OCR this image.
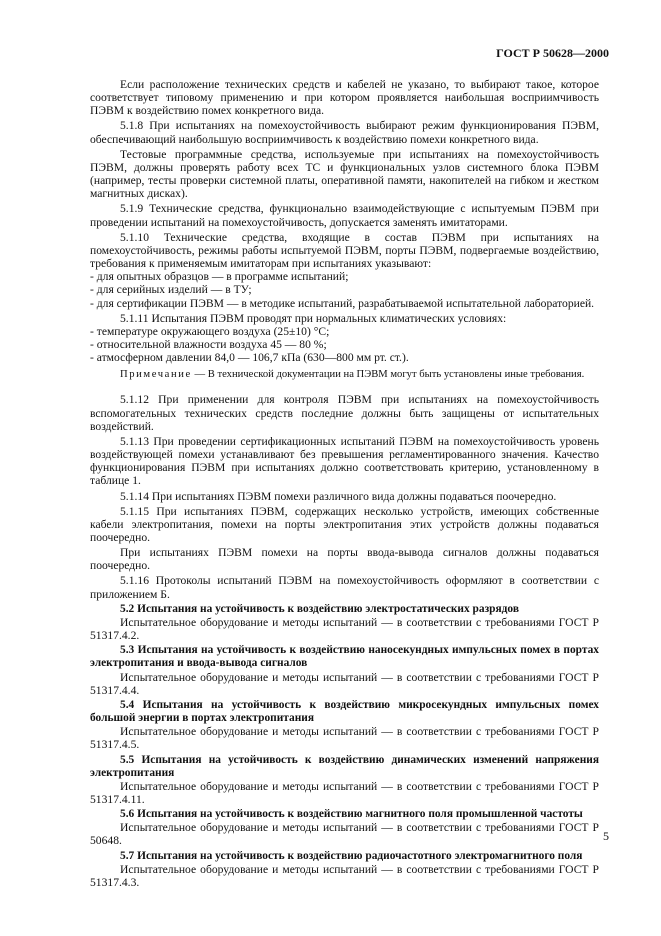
ГОСТ Р 50628—2000

Если расположение технических средств и кабелей не указано, то выбирают такое, которое соответствует типовому применению и при котором проявляется наибольшая восприимчивость ПЭВМ к воздействию помех конкретного вида.

5.1.8 При испытаниях на помехоустойчивость выбирают режим функционирования ПЭВМ, обеспечивающий наибольшую восприимчивость к воздействию помехи конкретного вида.

Тестовые программные средства, используемые при испытаниях на помехоустойчивость ПЭВМ, должны проверять работу всех ТС и функциональных узлов системного блока ПЭВМ (например, тесты проверки системной платы, оперативной памяти, накопителей на гибком и жестком магнитных дисках).

5.1.9 Технические средства, функционально взаимодействующие с испытуемым ПЭВМ при проведении испытаний на помехоустойчивость, допускается заменять имитаторами.

5.1.10 Технические средства, входящие в состав ПЭВМ при испытаниях на помехоустойчивость, режимы работы испытуемой ПЭВМ, порты ПЭВМ, подвергаемые воздействию, требования к применяемым имитаторам при испытаниях указывают:

- для опытных образцов — в программе испытаний;

- для серийных изделий — в ТУ;

- для сертификации ПЭВМ — в методике испытаний, разрабатываемой испытательной лабораторией.

5.1.11 Испытания ПЭВМ проводят при нормальных климатических условиях:

- температуре окружающего воздуха (25±10) °С;

- относительной влажности воздуха 45 — 80 %;

- атмосферном давлении 84,0 — 106,7 кПа (630—800 мм рт. ст.).

Примечание — В технической документации на ПЭВМ могут быть установлены иные требования.

5.1.12 При применении для контроля ПЭВМ при испытаниях на помехоустойчивость вспомогательных технических средств последние должны быть защищены от испытательных воздействий.

5.1.13 При проведении сертификационных испытаний ПЭВМ на помехоустойчивость уровень воздействующей помехи устанавливают без превышения регламентированного значения. Качество функционирования ПЭВМ при испытаниях должно соответствовать критерию, установленному в таблице 1.

5.1.14 При испытаниях ПЭВМ помехи различного вида должны подаваться поочередно.

5.1.15 При испытаниях ПЭВМ, содержащих несколько устройств, имеющих собственные кабели электропитания, помехи на порты электропитания этих устройств должны подаваться поочередно.

При испытаниях ПЭВМ помехи на порты ввода-вывода сигналов должны подаваться поочередно.

5.1.16 Протоколы испытаний ПЭВМ на помехоустойчивость оформляют в соответствии с приложением Б.

5.2 Испытания на устойчивость к воздействию электростатических разрядов

Испытательное оборудование и методы испытаний — в соответствии с требованиями ГОСТ Р 51317.4.2.

5.3 Испытания на устойчивость к воздействию наносекундных импульсных помех в портах электропитания и ввода-вывода сигналов

Испытательное оборудование и методы испытаний — в соответствии с требованиями ГОСТ Р 51317.4.4.

5.4 Испытания на устойчивость к воздействию микросекундных импульсных помех большой энергии в портах электропитания

Испытательное оборудование и методы испытаний — в соответствии с требованиями ГОСТ Р 51317.4.5.

5.5 Испытания на устойчивость к воздействию динамических изменений напряжения электропитания

Испытательное оборудование и методы испытаний — в соответствии с требованиями ГОСТ Р 51317.4.11.

5.6 Испытания на устойчивость к воздействию магнитного поля промышленной частоты

Испытательное оборудование и методы испытаний — в соответствии с требованиями ГОСТ Р 50648.

5.7 Испытания на устойчивость к воздействию радиочастотного электромагнитного поля

Испытательное оборудование и методы испытаний — в соответствии с требованиями ГОСТ Р 51317.4.3.

5
